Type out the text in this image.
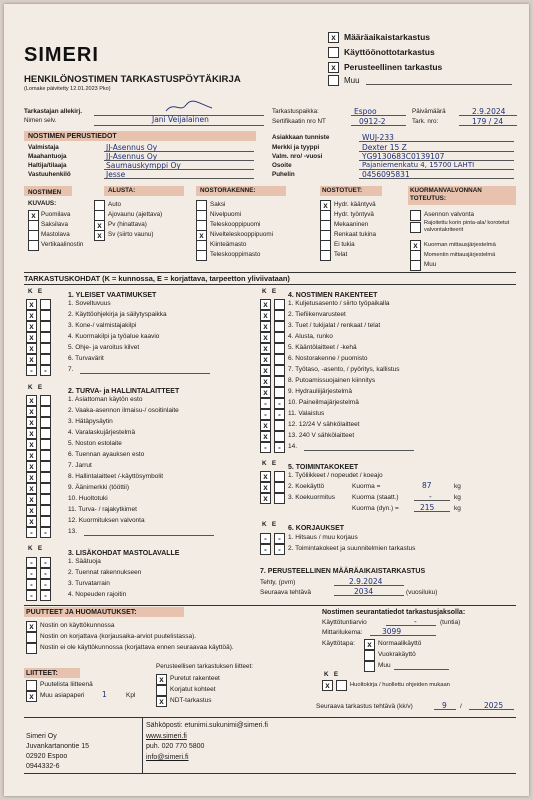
x Määräaikaistarkastus
Käyttöönottotarkastus
x Perusteellinen tarkastus
Muu
SIMERI
HENKILÖNOSTIMEN TARKASTUSPÖYTÄKIRJA
(Lomake päivitetty 12.01.2023 Pko)
Tarkastajan allekirj.
Nimen selv.	Jani Veijalainen
Tarkastuspaikka:	Espoo	Päivämäärä	2.9.2024
Sertifikaatin nro NT	0912-2	Tark. nro:	179 / 24
NOSTIMEN PERUSTIEDOT
Valmistaja	JJ-Asennus Oy
Maahantuoja	JJ-Asennus Oy
Haltija/tilaaja	Saumauskymppi Oy
Vastuuhenkilö	Jesse
Asiakkaan tunniste	WUJ-233
Merkki ja tyyppi	Dexter 15 Z
Valm. nro/ -vuosi	YG9130683C0139107
Osoite	Pajaniemenkatu 4, 15700 LAHTI
Puhelin	0456095831
NOSTIMEN KUVAUS:
x Puomilava
Saksilava
Mastolava
Vertikaalinostin
ALUSTA:
Auto
Ajovaunu (ajettava)
x Pv (hinattava)
x Sv (siirto vaunu)
NOSTORAKENNE:
Saksi
Nivelpuomi
Teleskooppipuomi
x Nivelteleskooppipuomi
Kiinteämasto
Teleskooppimasto
NOSTOTUET:
x Hydr. kääntyvä
Hydr. työntyvä
Mekaaninen
Renkaat tukina
Ei tukia
Telat
KUORMANVALVONNAN TOTEUTUS:
Asennon valvonta
Rajoitettu korin pinta-ala/ korotetut valvontakriteerit
x	Kuorman mittausjärjestelmä
Momentin mittausjärjestelmä
Muu
TARKASTUSKOHDAT (K = kunnossa, E = korjattava, tarpeetton yliviivataan)
K E
1. YLEISET VAATIMUKSET
x	1. Soveltuvuus
x	2. Käyttöohjekirja ja säilytyspaikka
x	3. Kone-/ valmistajakilpi
x	4. Kuormakilpi ja työalue kaavio
x	5. Ohje- ja varoitus kilvet
x	6. Turvavärit
- -	7.
K E
2. TURVA- ja HALLINTALAITTEET
x	1. Asiattoman käytön esto
x	2. Vaaka-asennon ilmaisu-/ osoitinlaite
x	3. Hätäpysäytin
x	4. Varalaskujärjestelmä
x	5. Noston estolaite
x	6. Tuennan ayauksen esto
x	7. Jarrut
x	8. Hallintalaitteet /-käyttösymbolit
x	9. Äänimerkki (tööttii)
x	10. Huoltotuki
x	11. Turva- / rajakytkimet
x	12. Kuormituksen valvonta
- -	13.
K E
3. LISÄKOHDAT MASTOLAVALLE
- -	1. Säätuoja
- -	2. Tuennat rakennukseen
- -	3. Turvatarrain
- -	4. Nopeuden rajoitin
K E
4. NOSTIMEN RAKENTEET
x	1. Kuljetusasento / siirto työpaikalla
x	2. Tiefiikenvarusteet
x	3. Tuet / tukijalat / renkaat / telat
x	4. Alusta, runko
x	5. Kääntölaitteet / -kehä
x	6. Nostorakenne / puomisto
x	7. Työtaso, -asento, / pyöritys, kallistus
x	8. Putoamissuojainen kiinnitys
x	9. Hydrauliijärjestelmä
- -	10. Paineilmajärjestelmä
- -	11. Valaistus
x	12. 12/24 V sähkölaitteet
x	13. 240 V sähkölaitteet
- -	14.
K E
5. TOIMINTAKOKEET
x	1. Työliikkeet / nopeudet / koeajo
x	2. Koekäyttö
x	3. Koekuormitus
Kuorma =	87	kg
Kuorma (staatt.)	-	kg
Kuorma (dyn.) =	215	kg
K E
6. KORJAUKSET
- -	1. Hitsaus / muu korjaus
- -	2. Toimintakokeet ja suunnitelmien tarkastus
7. PERUSTEELLINEN MÄÄRÄAIKAISTARKASTUS
Tehty, (pvm)	2.9.2024
Seuraava tehtävä	2034	(vuosiluku)
PUUTTEET JA HUOMAUTUKSET:
x Nostin on käyttökunnossa
Nostin on korjattava (korjausaika-arviot puutelistassa).
Nostin ei ole käyttökunnossa (korjattava ennen seuraavaa käyttöä).
Nostimen seurantatiedot tarkastusjaksolla:
Käyttötuntiarvio	-	(tuntia)
Mittarilukema:	3099
Käyttötapa:	x Normaalikäyttö
Vuokrakäyttö
Muu
LIITTEET:
Puutelista liitteenä
x Muu asiapaperi 1	Kpl
Perusteellisen tarkastuksen liitteet:
x Puretut rakenteet
Korjatut kohteet
x NDT-tarkastus
K E
x	Huoltokirja / huollettu ohjeiden mukaan
Seuraava tarkastus tehtävä (kk/v)	9 /	2025
Simeri Oy
Juvankartanontie 15
02920 Espoo
0944332-6
Sähköposti: etunimi.sukunimi@simeri.fi
www.simeri.fi
puh. 020 770 5800
info@simeri.fi
